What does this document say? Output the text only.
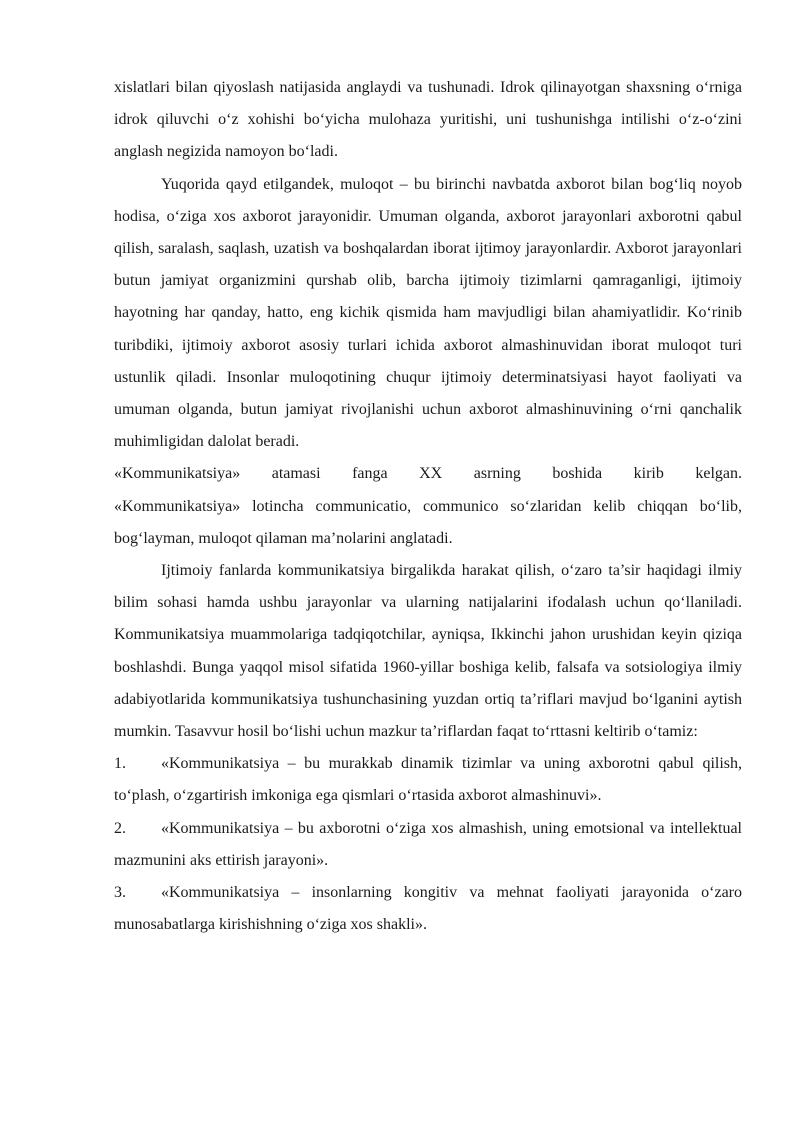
xislatlari bilan qiyoslash natijasida anglaydi va tushunadi. Idrok qilinayotgan shaxsning o‘rniga idrok qiluvchi o‘z xohishi bo‘yicha mulohaza yuritishi, uni tushunishga intilishi o‘z-o‘zini anglash negizida namoyon bo‘ladi.

Yuqorida qayd etilgandek, muloqot – bu birinchi navbatda axborot bilan bog‘liq noyob hodisa, o‘ziga xos axborot jarayonidir. Umuman olganda, axborot jarayonlari axborotni qabul qilish, saralash, saqlash, uzatish va boshqalardan iborat ijtimoy jarayonlardir. Axborot jarayonlari butun jamiyat organizmini qurshab olib, barcha ijtimoiy tizimlarni qamraganligi, ijtimoiy hayotning har qanday, hatto, eng kichik qismida ham mavjudligi bilan ahamiyatlidir. Ko‘rinib turibdiki, ijtimoiy axborot asosiy turlari ichida axborot almashinuvidan iborat muloqot turi ustunlik qiladi. Insonlar muloqotining chuqur ijtimoiy determinatsiyasi hayot faoliyati va umuman olganda, butun jamiyat rivojlanishi uchun axborot almashinuvining o‘rni qanchalik muhimligidan dalolat beradi.

«Kommunikatsiya» atamasi fanga XX asrning boshida kirib kelgan.

«Kommunikatsiya» lotincha communicatio, communico so‘zlaridan kelib chiqqan bo‘lib, bog‘layman, muloqot qilaman ma’nolarini anglatadi.

Ijtimoiy fanlarda kommunikatsiya birgalikda harakat qilish, o‘zaro ta’sir haqidagi ilmiy bilim sohasi hamda ushbu jarayonlar va ularning natijalarini ifodalash uchun qo‘llaniladi. Kommunikatsiya muammolariga tadqiqotchilar, ayniqsa, Ikkinchi jahon urushidan keyin qiziqa boshlashdi. Bunga yaqqol misol sifatida 1960-yillar boshiga kelib, falsafa va sotsiologiya ilmiy adabiyotlarida kommunikatsiya tushunchasining yuzdan ortiq ta’riflari mavjud bo‘lganini aytish mumkin. Tasavvur hosil bo‘lishi uchun mazkur ta’riflardan faqat to‘rttasni keltirib o‘tamiz:

1. «Kommunikatsiya – bu murakkab dinamik tizimlar va uning axborotni qabul qilish, to‘plash, o‘zgartirish imkoniga ega qismlari o‘rtasida axborot almashinuvi».

2. «Kommunikatsiya – bu axborotni o‘ziga xos almashish, uning emotsional va intellektual mazmunini aks ettirish jarayoni».

3. «Kommunikatsiya – insonlarning kongitiv va mehnat faoliyati jarayonida o‘zaro munosabatlarga kirishishning o‘ziga xos shakli».
